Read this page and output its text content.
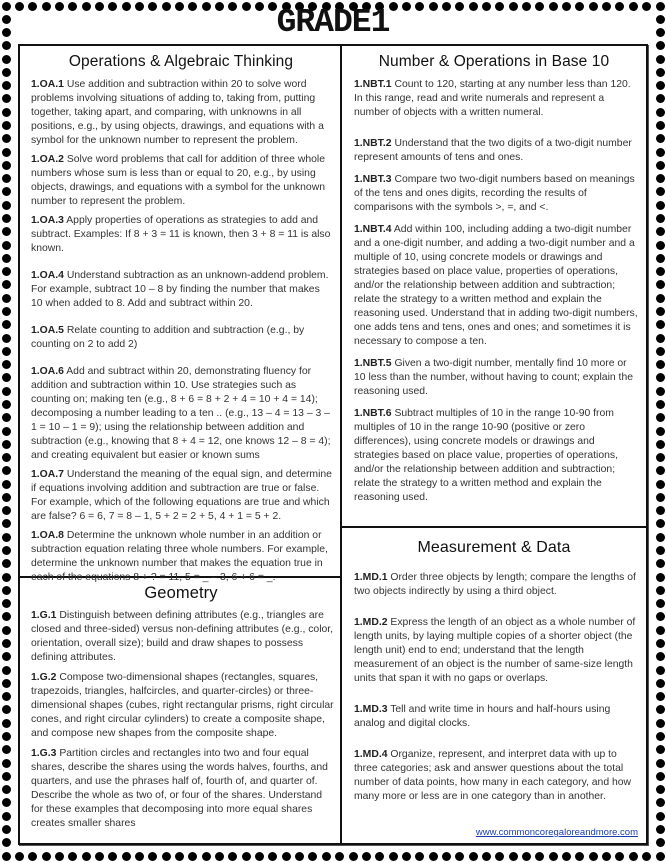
GRADE1
Operations & Algebraic Thinking

1.OA.1 Use addition and subtraction within 20 to solve word problems involving situations of adding to, taking from, putting together, taking apart, and comparing, with unknowns in all positions, e.g., by using objects, drawings, and equations with a symbol for the unknown number to represent the problem.

1.OA.2 Solve word problems that call for addition of three whole numbers whose sum is less than or equal to 20, e.g., by using objects, drawings, and equations with a symbol for the unknown number to represent the problem.

1.OA.3 Apply properties of operations as strategies to add and subtract. Examples: If 8 + 3 = 11 is known, then 3 + 8 = 11 is also known.

1.OA.4 Understand subtraction as an unknown-addend problem. For example, subtract 10 – 8 by finding the number that makes 10 when added to 8. Add and subtract within 20.

1.OA.5 Relate counting to addition and subtraction (e.g., by counting on 2 to add 2)

1.OA.6 Add and subtract within 20, demonstrating fluency for addition and subtraction within 10. Use strategies such as counting on; making ten (e.g., 8 + 6 = 8 + 2 + 4 = 10 + 4 = 14); decomposing a number leading to a ten .. (e.g., 13 – 4 = 13 – 3 – 1 = 10 – 1 = 9); using the relationship between addition and subtraction (e.g., knowing that 8 + 4 = 12, one knows 12 – 8 = 4); and creating equivalent but easier or known sums

1.OA.7 Understand the meaning of the equal sign, and determine if equations involving addition and subtraction are true or false. For example, which of the following equations are true and which are false? 6 = 6, 7 = 8 – 1, 5 + 2 = 2 + 5, 4 + 1 = 5 + 2.

1.OA.8 Determine the unknown whole number in an addition or subtraction equation relating three whole numbers. For example, determine the unknown number that makes the equation true in each of the equations 8 + ? = 11, 5 = _ – 3, 6 + 6 = _.

Geometry

1.G.1 Distinguish between defining attributes (e.g., triangles are closed and three-sided) versus non-defining attributes (e.g., color, orientation, overall size); build and draw shapes to possess defining attributes.

1.G.2 Compose two-dimensional shapes (rectangles, squares, trapezoids, triangles, halfcircles, and quarter-circles) or three-dimensional shapes (cubes, right rectangular prisms, right circular cones, and right circular cylinders) to create a composite shape, and compose new shapes from the composite shape.

1.G.3 Partition circles and rectangles into two and four equal shares, describe the shares using the words halves, fourths, and quarters, and use the phrases half of, fourth of, and quarter of. Describe the whole as two of, or four of the shares. Understand for these examples that decomposing into more equal shares creates smaller shares

Number & Operations in Base 10

1.NBT.1 Count to 120, starting at any number less than 120. In this range, read and write numerals and represent a number of objects with a written numeral.

1.NBT.2 Understand that the two digits of a two-digit number represent amounts of tens and ones.

1.NBT.3 Compare two two-digit numbers based on meanings of the tens and ones digits, recording the results of comparisons with the symbols >, =, and <.

1.NBT.4 Add within 100, including adding a two-digit number and a one-digit number, and adding a two-digit number and a multiple of 10, using concrete models or drawings and strategies based on place value, properties of operations, and/or the relationship between addition and subtraction; relate the strategy to a written method and explain the reasoning used. Understand that in adding two-digit numbers, one adds tens and tens, ones and ones; and sometimes it is necessary to compose a ten.

1.NBT.5 Given a two-digit number, mentally find 10 more or 10 less than the number, without having to count; explain the reasoning used.

1.NBT.6 Subtract multiples of 10 in the range 10-90 from multiples of 10 in the range 10-90 (positive or zero differences), using concrete models or drawings and strategies based on place value, properties of operations, and/or the relationship between addition and subtraction; relate the strategy to a written method and explain the reasoning used.

Measurement & Data

1.MD.1 Order three objects by length; compare the lengths of two objects indirectly by using a third object.

1.MD.2 Express the length of an object as a whole number of length units, by laying multiple copies of a shorter object (the length unit) end to end; understand that the length measurement of an object is the number of same-size length units that span it with no gaps or overlaps.

1.MD.3 Tell and write time in hours and half-hours using analog and digital clocks.

1.MD.4 Organize, represent, and interpret data with up to three categories; ask and answer questions about the total number of data points, how many in each category, and how many more or less are in one category than in another.

www.commoncoregaloreandmore.com
